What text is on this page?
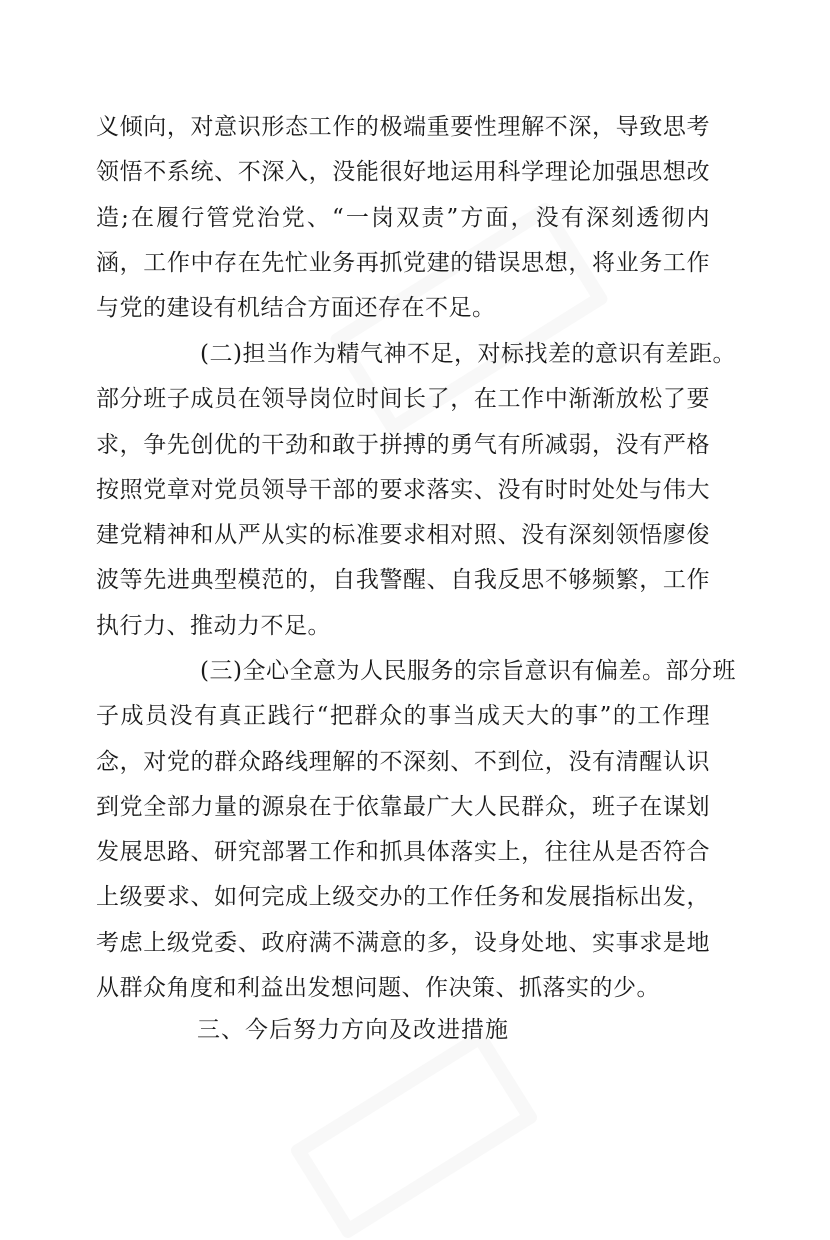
义倾向，对意识形态工作的极端重要性理解不深，导致思考
领悟不系统、不深入，没能很好地运用科学理论加强思想改
造;在履行管党治党、“一岗双责”方面，没有深刻透彻内
涵，工作中存在先忙业务再抓党建的错误思想，将业务工作
与党的建设有机结合方面还存在不足。
(二)担当作为精气神不足，对标找差的意识有差距。
部分班子成员在领导岗位时间长了，在工作中渐渐放松了要
求，争先创优的干劲和敢于拼搏的勇气有所减弱，没有严格
按照党章对党员领导干部的要求落实、没有时时处处与伟大
建党精神和从严从实的标准要求相对照、没有深刻领悟廖俊
波等先进典型模范的，自我警醒、自我反思不够频繁，工作
执行力、推动力不足。
(三)全心全意为人民服务的宗旨意识有偏差。部分班
子成员没有真正践行“把群众的事当成天大的事”的工作理
念，对党的群众路线理解的不深刻、不到位，没有清醒认识
到党全部力量的源泉在于依靠最广大人民群众，班子在谋划
发展思路、研究部署工作和抓具体落实上，往往从是否符合
上级要求、如何完成上级交办的工作任务和发展指标出发，
考虑上级党委、政府满不满意的多，设身处地、实事求是地
从群众角度和利益出发想问题、作决策、抓落实的少。
三、今后努力方向及改进措施
